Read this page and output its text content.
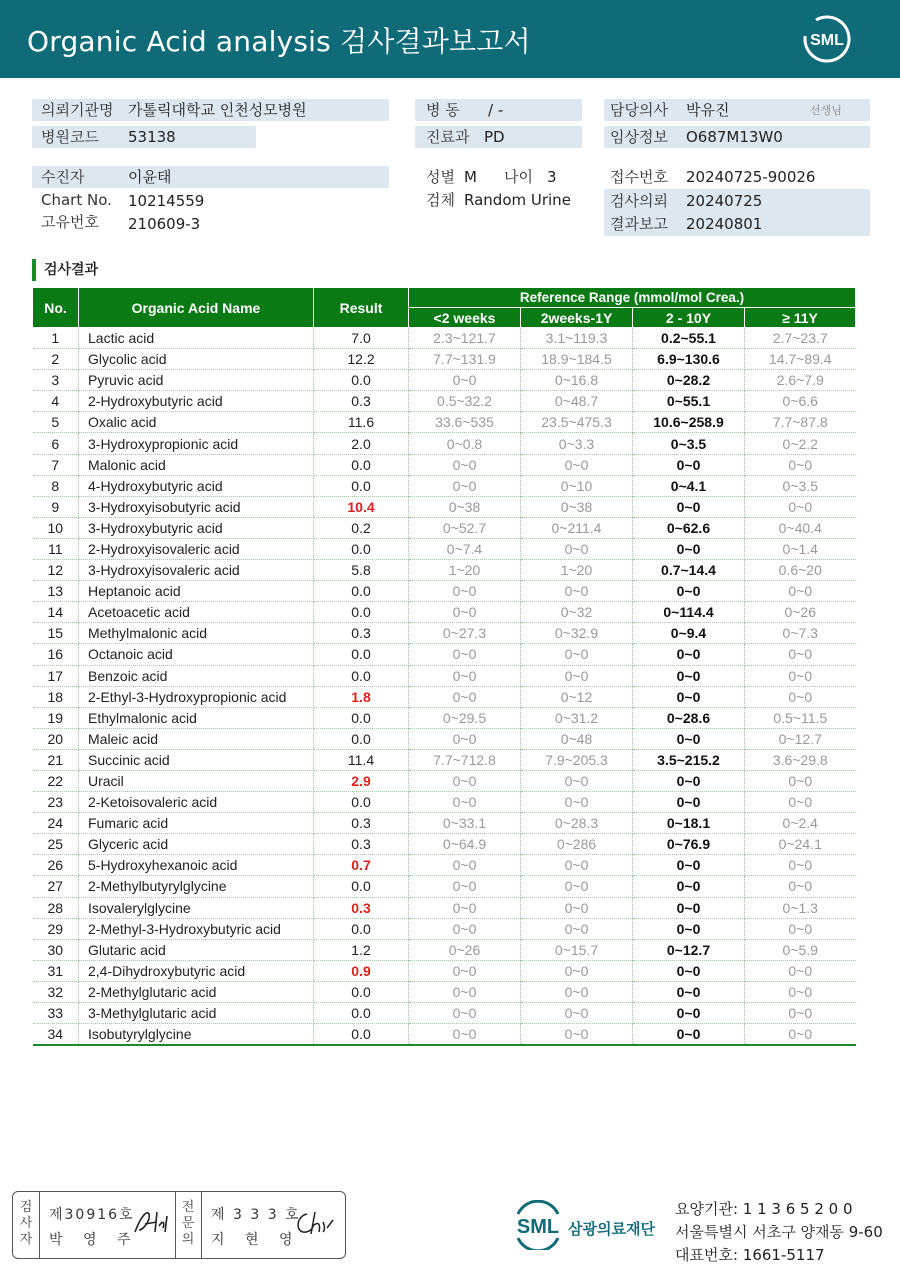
Organic Acid analysis 검사결과보고서	SML
의뢰기관명 가톨릭대학교 인천성모병원	병 동 / -	담당의사 박유진	선생님
병원코드 53138	진료과 PD	임상정보 O687M13W0
수진자	이윤태	성별 M 나이 3	접수번호 20240725-90026
Chart No. 10214559	검체 Random Urine	검사의뢰 20240725
고유번호 210609-3	결과보고 20240801
검사결과
No.	Organic Acid Name	Result	Reference Range (mmol/mol Crea.)			
			<2 weeks	2weeks-1Y	2 - 10Y	≥ 11Y
1	Lactic acid	7.0	2.3~121.7	3.1~119.3	0.2~55.1	2.7~23.7
2	Glycolic acid	12.2	7.7~131.9	18.9~184.5	6.9~130.6	14.7~89.4
3	Pyruvic acid	0.0	0~0	0~16.8	0~28.2	2.6~7.9
4	2-Hydroxybutyric acid	0.3	0.5~32.2	0~48.7	0~55.1	0~6.6
5	Oxalic acid	11.6	33.6~535	23.5~475.3	10.6~258.9	7.7~87.8
6	3-Hydroxypropionic acid	2.0	0~0.8	0~3.3	0~3.5	0~2.2
7	Malonic acid	0.0	0~0	0~0	0~0	0~0
8	4-Hydroxybutyric acid	0.0	0~0	0~10	0~4.1	0~3.5
9	3-Hydroxyisobutyric acid	10.4	0~38	0~38	0~0	0~0
10	3-Hydroxybutyric acid	0.2	0~52.7	0~211.4	0~62.6	0~40.4
11	2-Hydroxyisovaleric acid	0.0	0~7.4	0~0	0~0	0~1.4
12	3-Hydroxyisovaleric acid	5.8	1~20	1~20	0.7~14.4	0.6~20
13	Heptanoic acid	0.0	0~0	0~0	0~0	0~0
14	Acetoacetic acid	0.0	0~0	0~32	0~114.4	0~26
15	Methylmalonic acid	0.3	0~27.3	0~32.9	0~9.4	0~7.3
16	Octanoic acid	0.0	0~0	0~0	0~0	0~0
17	Benzoic acid	0.0	0~0	0~0	0~0	0~0
18	2-Ethyl-3-Hydroxypropionic acid	1.8	0~0	0~12	0~0	0~0
19	Ethylmalonic acid	0.0	0~29.5	0~31.2	0~28.6	0.5~11.5
20	Maleic acid	0.0	0~0	0~48	0~0	0~12.7
21	Succinic acid	11.4	7.7~712.8	7.9~205.3	3.5~215.2	3.6~29.8
22	Uracil	2.9	0~0	0~0	0~0	0~0
23	2-Ketoisovaleric acid	0.0	0~0	0~0	0~0	0~0
24	Fumaric acid	0.3	0~33.1	0~28.3	0~18.1	0~2.4
25	Glyceric acid	0.3	0~64.9	0~286	0~76.9	0~24.1
26	5-Hydroxyhexanoic acid	0.7	0~0	0~0	0~0	0~0
27	2-Methylbutyrylglycine	0.0	0~0	0~0	0~0	0~0
28	Isovalerylglycine	0.3	0~0	0~0	0~0	0~1.3
29	2-Methyl-3-Hydroxybutyric acid	0.0	0~0	0~0	0~0	0~0
30	Glutaric acid	1.2	0~26	0~15.7	0~12.7	0~5.9
31	2,4-Dihydroxybutyric acid	0.9	0~0	0~0	0~0	0~0
32	2-Methylglutaric acid	0.0	0~0	0~0	0~0	0~0
33	3-Methylglutaric acid	0.0	0~0	0~0	0~0	0~0
34	Isobutyrylglycine	0.0	0~0	0~0	0~0	0~0
검
사
자
제30916호
박 영 주
전
문
의
제 3 3 3 호
지 현 영
SML 삼광의료재단
요양기관: 1 1 3 6 5 2 0 0
서울특별시 서초구 양재동 9-60
대표번호: 1661-5117
